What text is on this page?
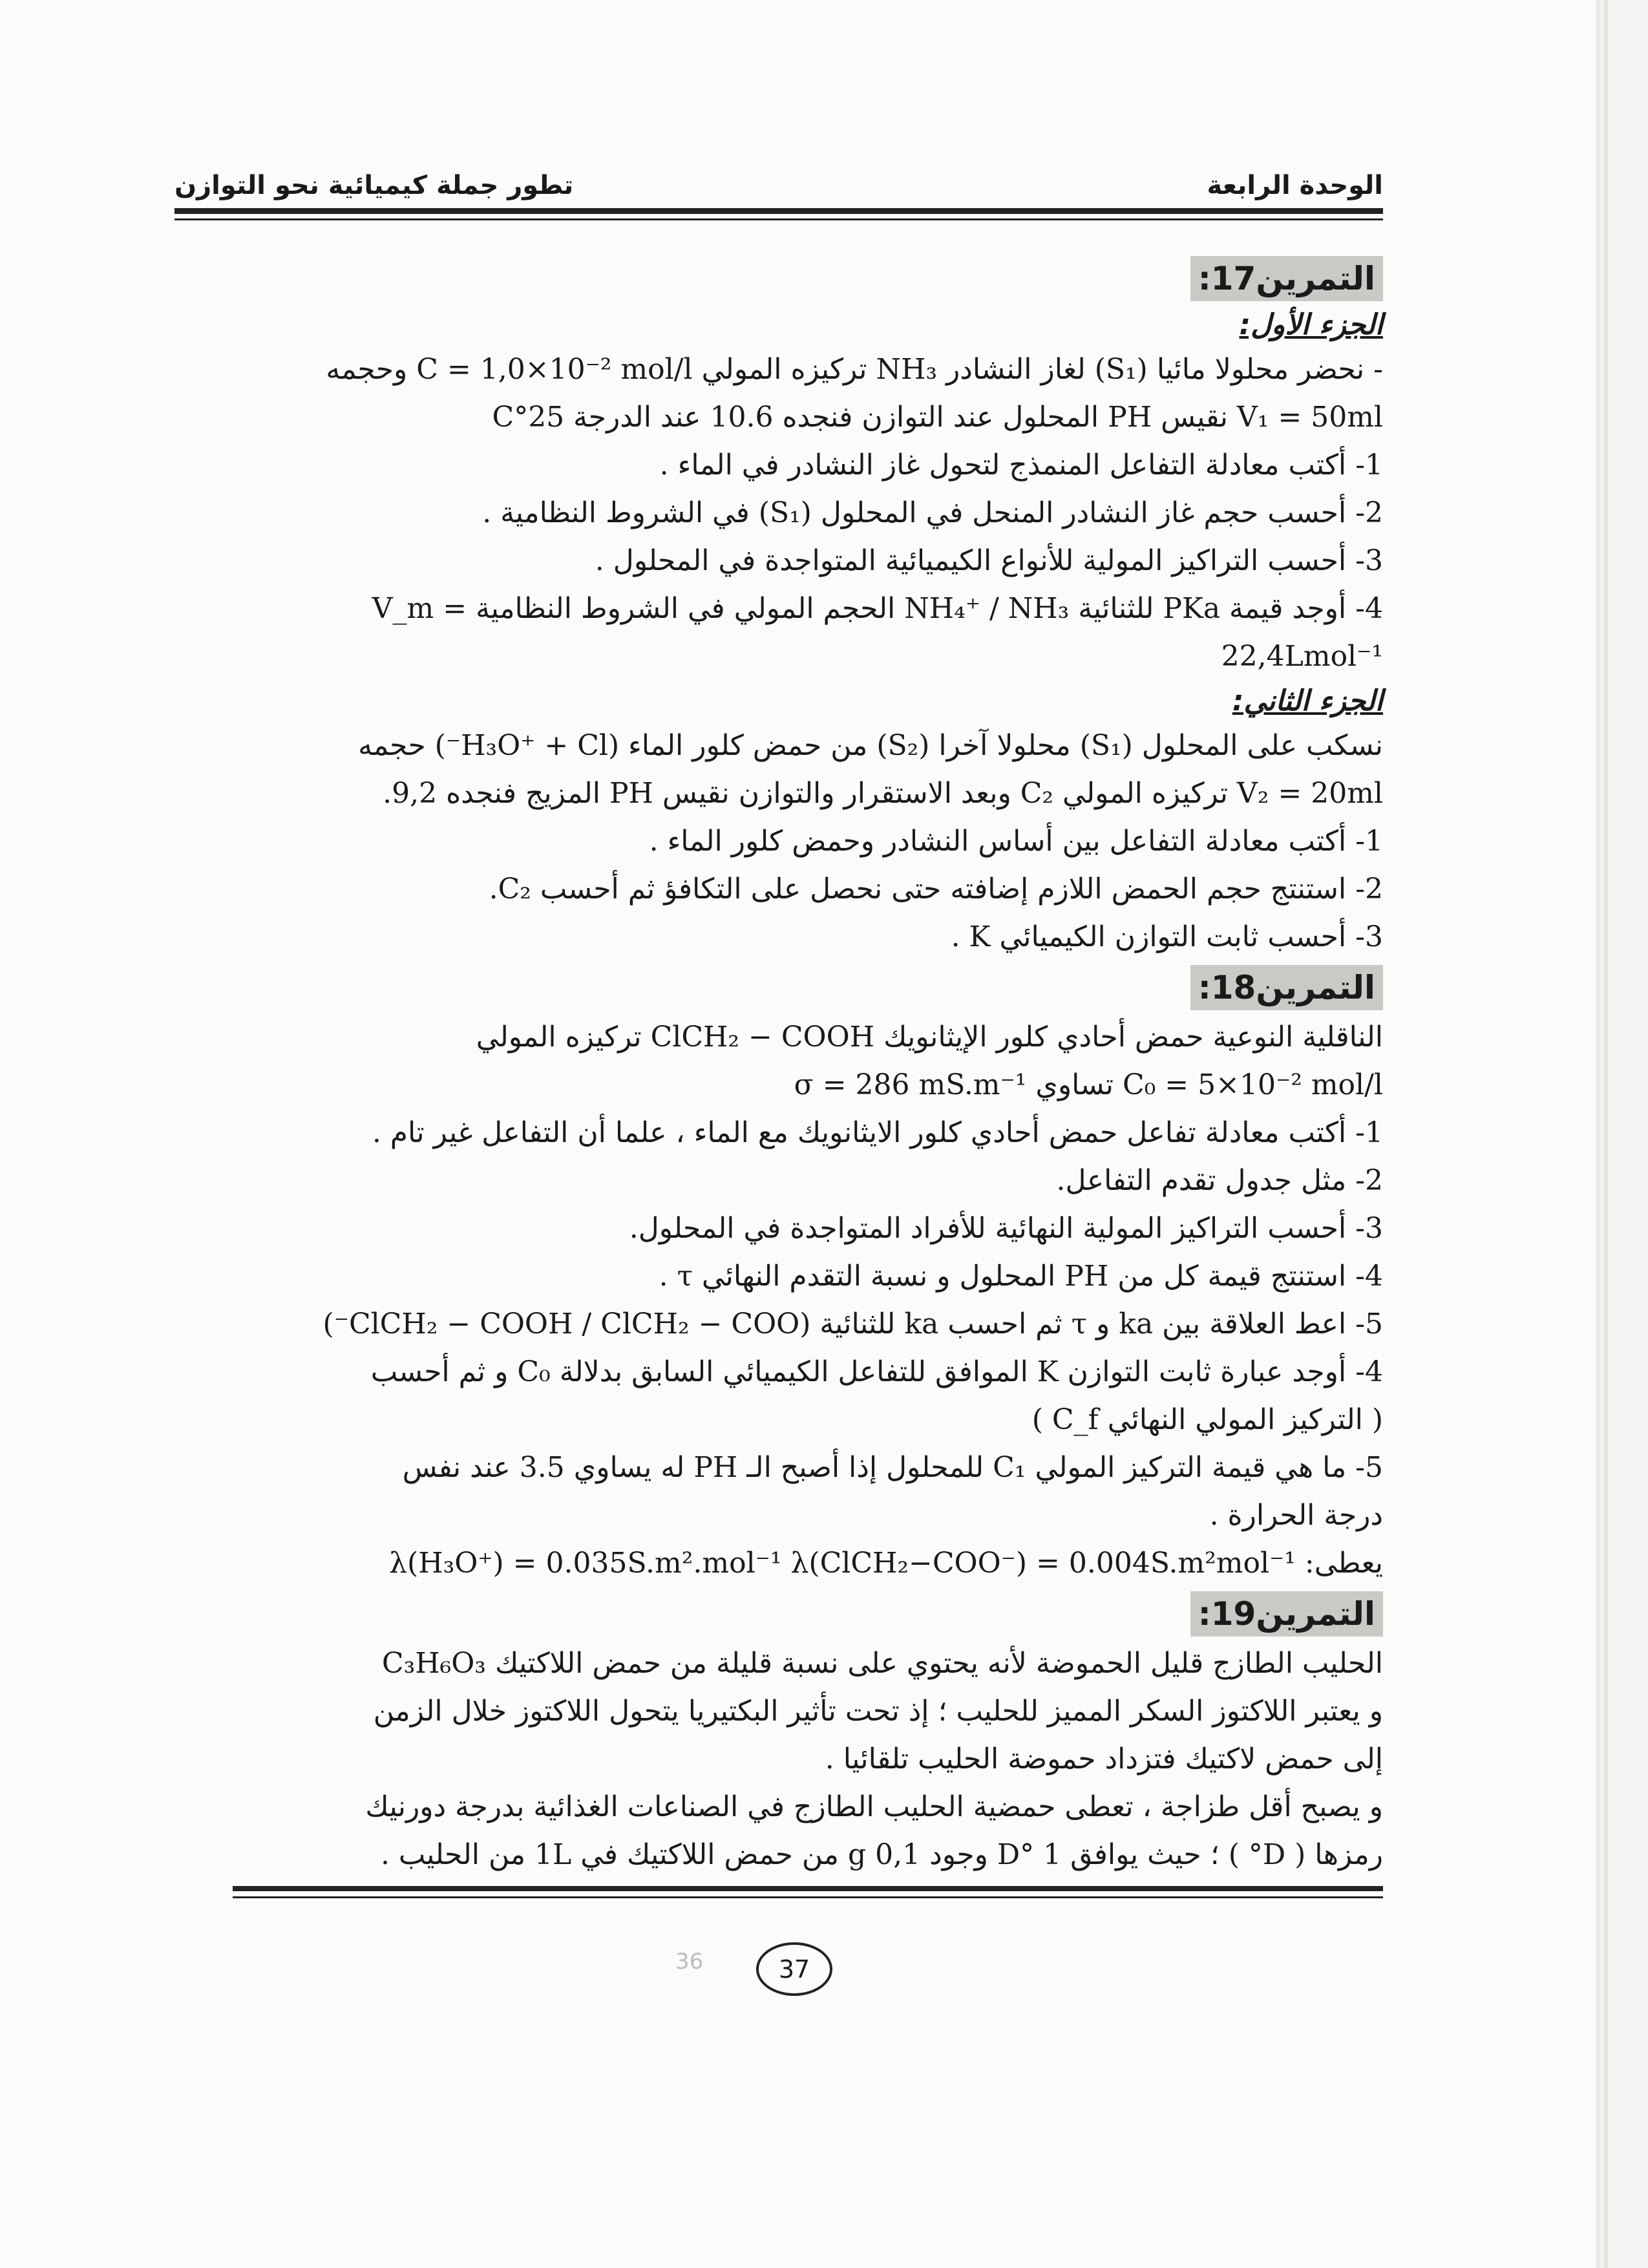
الوحدة الرابعة
تطور جملة كيميائية نحو التوازن
التمرين17:
الجزء الأول:

- نحضر محلولا مائيا (S₁) لغاز النشادر NH₃ تركيزه المولي C = 1,0×10⁻² mol/l وحجمه

V₁ = 50ml نقيس PH المحلول عند التوازن فنجده 10.6 عند الدرجة 25°C

1- أكتب معادلة التفاعل المنمذج لتحول غاز النشادر في الماء .

2- أحسب حجم غاز النشادر المنحل في المحلول (S₁) في الشروط النظامية .

3- أحسب التراكيز المولية للأنواع الكيميائية المتواجدة في المحلول .

4- أوجد قيمة PKa للثنائية NH₄⁺ / NH₃ الحجم المولي في الشروط النظامية V_m = 22,4Lmol⁻¹

الجزء الثاني:

نسكب على المحلول (S₁) محلولا آخرا (S₂) من حمض كلور الماء (H₃O⁺ + Cl⁻) حجمه

V₂ = 20ml تركيزه المولي C₂ وبعد الاستقرار والتوازن نقيس PH المزيج فنجده 9,2.

1- أكتب معادلة التفاعل بين أساس النشادر وحمض كلور الماء .

2- استنتج حجم الحمض اللازم إضافته حتى نحصل على التكافؤ ثم أحسب C₂.

3- أحسب ثابت التوازن الكيميائي K .

التمرين18:

الناقلية النوعية حمض أحادي كلور الإيثانويك ClCH₂ − COOH تركيزه المولي

C₀ = 5×10⁻² mol/l تساوي σ = 286 mS.m⁻¹

1- أكتب معادلة تفاعل حمض أحادي كلور الايثانويك مع الماء ، علما أن التفاعل غير تام .

2- مثل جدول تقدم التفاعل.

3- أحسب التراكيز المولية النهائية للأفراد المتواجدة في المحلول.

4- استنتج قيمة كل من PH المحلول و نسبة التقدم النهائي τ .

5- اعط العلاقة بين ka و τ ثم احسب ka للثنائية (ClCH₂ − COOH / ClCH₂ − COO⁻)

4- أوجد عبارة ثابت التوازن K الموافق للتفاعل الكيميائي السابق بدلالة C₀ و ثم أحسب

( التركيز المولي النهائي C_f )

5- ما هي قيمة التركيز المولي C₁ للمحلول إذا أصبح الـ PH له يساوي 3.5 عند نفس

درجة الحرارة .

يعطى: λ(H₃O⁺) = 0.035S.m².mol⁻¹ λ(ClCH₂−COO⁻) = 0.004S.m²mol⁻¹

التمرين19:

الحليب الطازج قليل الحموضة لأنه يحتوي على نسبة قليلة من حمض اللاكتيك C₃H₆O₃

و يعتبر اللاكتوز السكر المميز للحليب ؛ إذ تحت تأثير البكتيريا يتحول اللاكتوز خلال الزمن

إلى حمض لاكتيك فتزداد حموضة الحليب تلقائيا .

و يصبح أقل طزاجة ، تعطى حمضية الحليب الطازج في الصناعات الغذائية بدرجة دورنيك

رمزها ( D° ) ؛ حيث يوافق 1 °D وجود 0,1 g من حمض اللاكتيك في 1L من الحليب .

36	37
